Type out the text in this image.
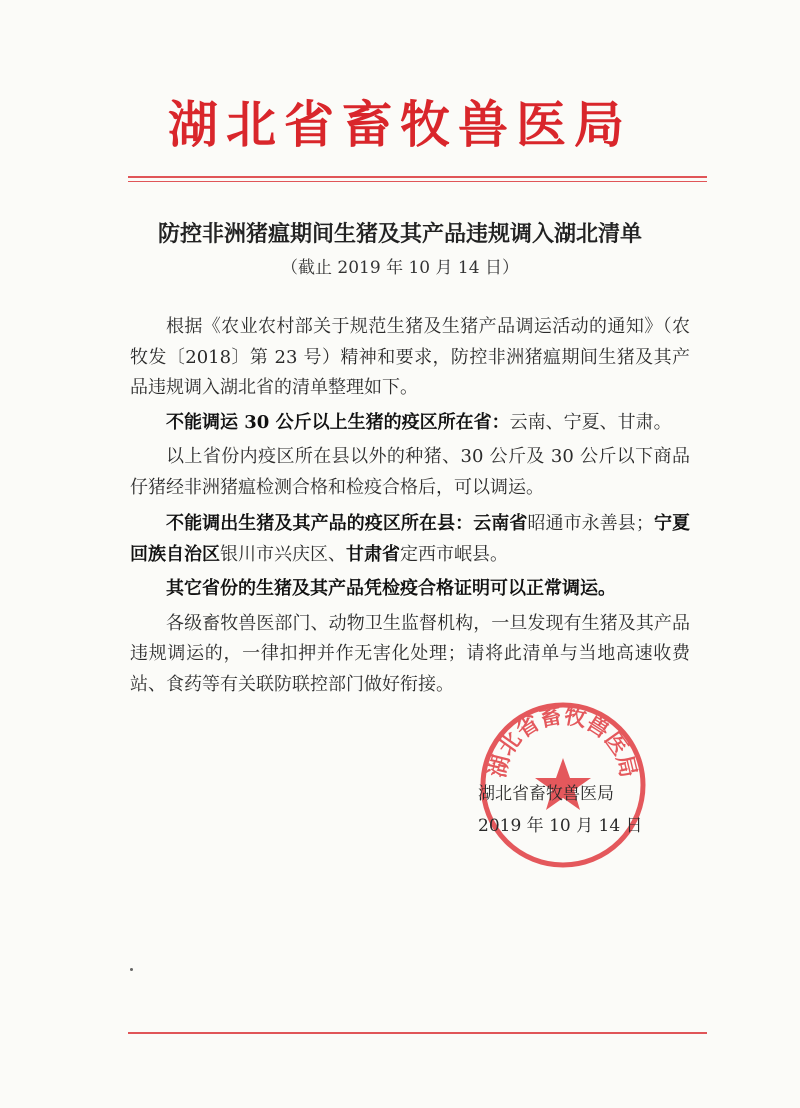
湖北省畜牧兽医局
防控非洲猪瘟期间生猪及其产品违规调入湖北清单
（截止 2019 年 10 月 14 日）

根据《农业农村部关于规范生猪及生猪产品调运活动的通知》（农牧发〔2018〕第 23 号）精神和要求，防控非洲猪瘟期间生猪及其产品违规调入湖北省的清单整理如下。

不能调运 30 公斤以上生猪的疫区所在省：云南、宁夏、甘肃。

以上省份内疫区所在县以外的种猪、30 公斤及 30 公斤以下商品仔猪经非洲猪瘟检测合格和检疫合格后，可以调运。

不能调出生猪及其产品的疫区所在县：云南省昭通市永善县；宁夏回族自治区银川市兴庆区、甘肃省定西市岷县。

其它省份的生猪及其产品凭检疫合格证明可以正常调运。

各级畜牧兽医部门、动物卫生监督机构，一旦发现有生猪及其产品违规调运的，一律扣押并作无害化处理；请将此清单与当地高速收费站、食药等有关联防联控部门做好衔接。

湖北省畜牧兽医局
湖北省畜牧兽医局
2019 年 10 月 14 日
